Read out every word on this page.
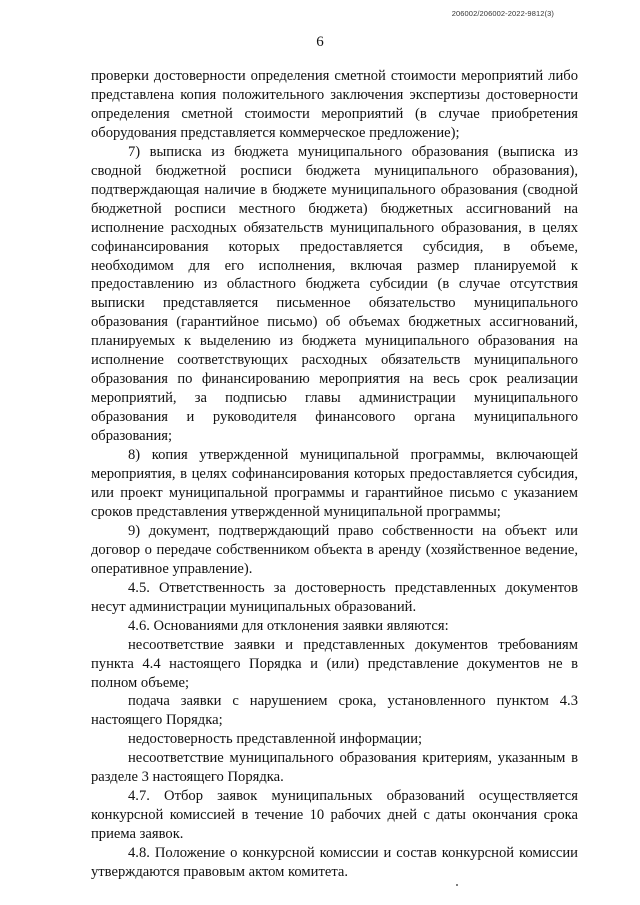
206002/206002-2022-9812(3)
6

проверки достоверности определения сметной стоимости мероприятий либо представлена копия положительного заключения экспертизы достоверности определения сметной стоимости мероприятий (в случае приобретения оборудования представляется коммерческое предложение);

7) выписка из бюджета муниципального образования (выписка из сводной бюджетной росписи бюджета муниципального образования), подтверждающая наличие в бюджете муниципального образования (сводной бюджетной росписи местного бюджета) бюджетных ассигнований на исполнение расходных обязательств муниципального образования, в целях софинансирования которых предоставляется субсидия, в объеме, необходимом для его исполнения, включая размер планируемой к предоставлению из областного бюджета субсидии (в случае отсутствия выписки представляется письменное обязательство муниципального образования (гарантийное письмо) об объемах бюджетных ассигнований, планируемых к выделению из бюджета муниципального образования на исполнение соответствующих расходных обязательств муниципального образования по финансированию мероприятия на весь срок реализации мероприятий, за подписью главы администрации муниципального образования и руководителя финансового органа муниципального образования;

8) копия утвержденной муниципальной программы, включающей мероприятия, в целях софинансирования которых предоставляется субсидия, или проект муниципальной программы и гарантийное письмо с указанием сроков представления утвержденной муниципальной программы;

9) документ, подтверждающий право собственности на объект или договор о передаче собственником объекта в аренду (хозяйственное ведение, оперативное управление).

4.5. Ответственность за достоверность представленных документов несут администрации муниципальных образований.

4.6. Основаниями для отклонения заявки являются:

несоответствие заявки и представленных документов требованиям пункта 4.4 настоящего Порядка и (или) представление документов не в полном объеме;

подача заявки с нарушением срока, установленного пунктом 4.3 настоящего Порядка;

недостоверность представленной информации;

несоответствие муниципального образования критериям, указанным в разделе 3 настоящего Порядка.

4.7. Отбор заявок муниципальных образований осуществляется конкурсной комиссией в течение 10 рабочих дней с даты окончания срока приема заявок.

4.8. Положение о конкурсной комиссии и состав конкурсной комиссии утверждаются правовым актом комитета.
